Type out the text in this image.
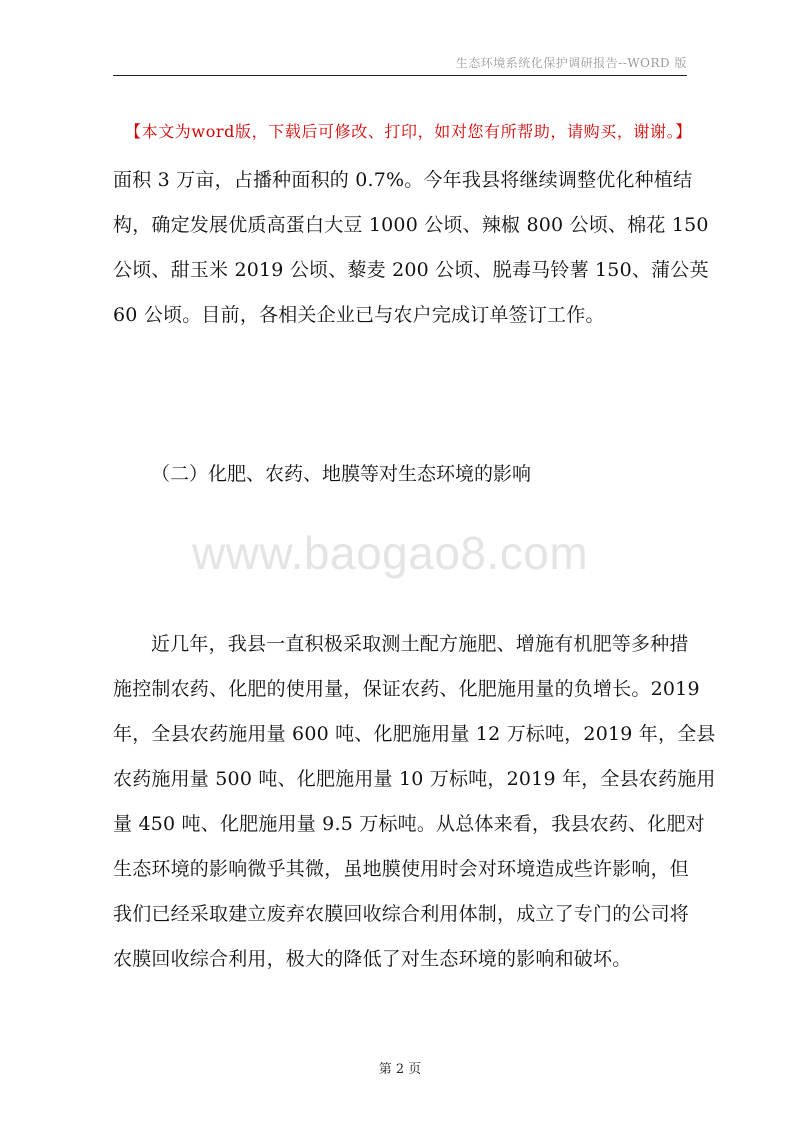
生态环境系统化保护调研报告--WORD 版
【本文为word版，下载后可修改、打印，如对您有所帮助，请购买，谢谢。】

面积 3 万亩，占播种面积的 0.7%。今年我县将继续调整优化种植结
构，确定发展优质高蛋白大豆 1000 公顷、辣椒 800 公顷、棉花 150
公顷、甜玉米 2019 公顷、藜麦 200 公顷、脱毒马铃薯 150、蒲公英
60 公顷。目前，各相关企业已与农户完成订单签订工作。

（二）化肥、农药、地膜等对生态环境的影响
www.baogao8.com

近几年，我县一直积极采取测土配方施肥、增施有机肥等多种措
施控制农药、化肥的使用量，保证农药、化肥施用量的负增长。2019
年，全县农药施用量 600 吨、化肥施用量 12 万标吨，2019 年，全县
农药施用量 500 吨、化肥施用量 10 万标吨，2019 年，全县农药施用
量 450 吨、化肥施用量 9.5 万标吨。从总体来看，我县农药、化肥对
生态环境的影响微乎其微，虽地膜使用时会对环境造成些许影响，但
我们已经采取建立废弃农膜回收综合利用体制，成立了专门的公司将
农膜回收综合利用，极大的降低了对生态环境的影响和破坏。

第 2 页
